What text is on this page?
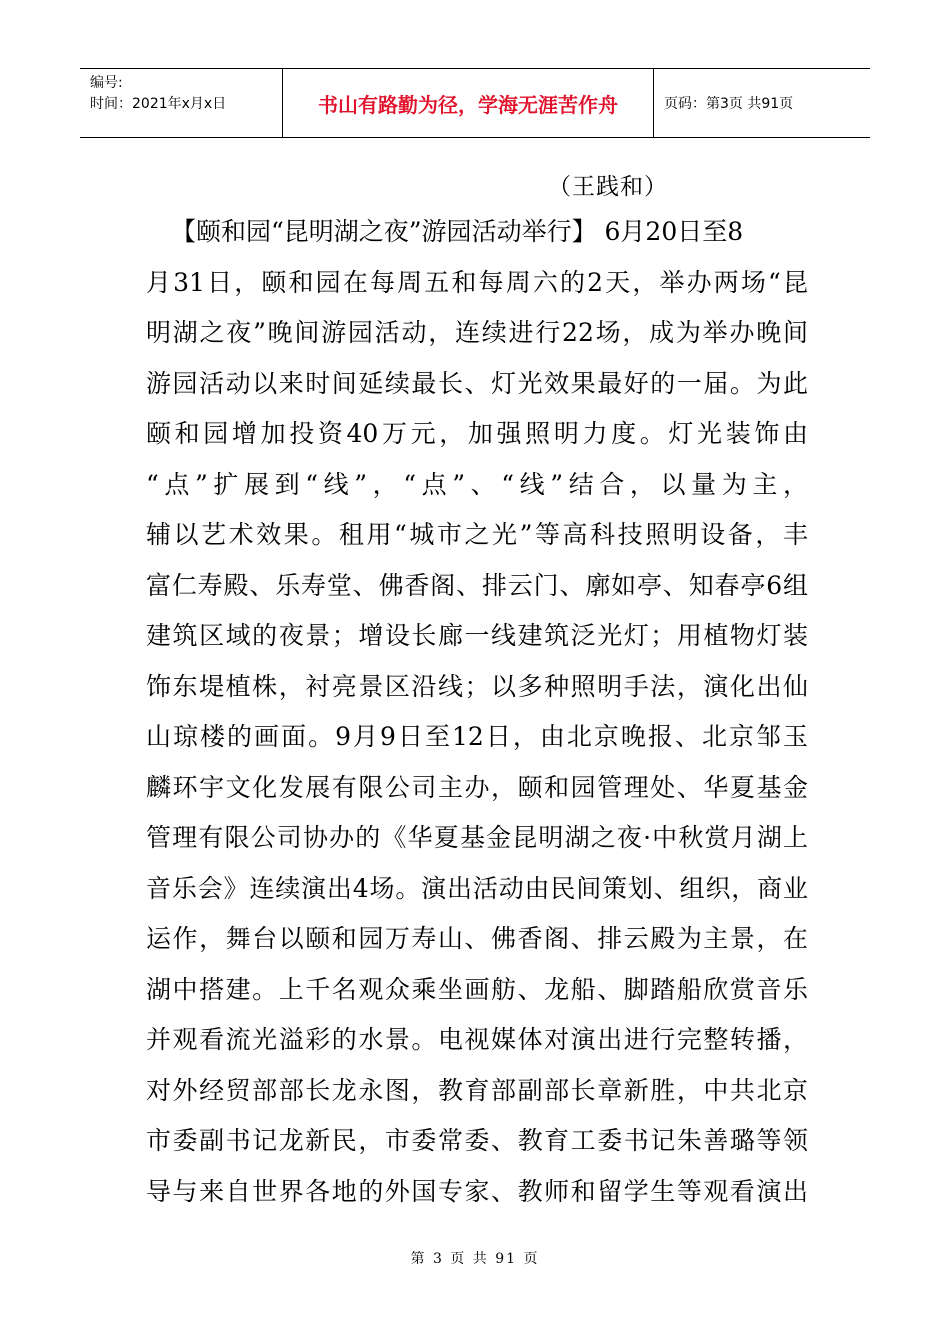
编号:
时间：2021年x月x日	书山有路勤为径，学海无涯苦作舟	页码：第3页 共91页
（王践和）
【颐和园“昆明湖之夜”游园活动举行】 6月20日至8
月31日，颐和园在每周五和每周六的2天，举办两场“昆
明湖之夜”晚间游园活动，连续进行22场，成为举办晚间
游园活动以来时间延续最长、灯光效果最好的一届。为此
颐和园增加投资40万元，加强照明力度。灯光装饰由
“点”扩展到“线”，“点”、“线”结合，以量为主，
辅以艺术效果。租用“城市之光”等高科技照明设备，丰
富仁寿殿、乐寿堂、佛香阁、排云门、廓如亭、知春亭6组
建筑区域的夜景；增设长廊一线建筑泛光灯；用植物灯装
饰东堤植株，衬亮景区沿线；以多种照明手法，演化出仙
山琼楼的画面。9月9日至12日，由北京晚报、北京邹玉
麟环宇文化发展有限公司主办，颐和园管理处、华夏基金
管理有限公司协办的《华夏基金昆明湖之夜·中秋赏月湖上
音乐会》连续演出4场。演出活动由民间策划、组织，商业
运作，舞台以颐和园万寿山、佛香阁、排云殿为主景，在
湖中搭建。上千名观众乘坐画舫、龙船、脚踏船欣赏音乐
并观看流光溢彩的水景。电视媒体对演出进行完整转播，
对外经贸部部长龙永图，教育部副部长章新胜，中共北京
市委副书记龙新民，市委常委、教育工委书记朱善璐等领
导与来自世界各地的外国专家、教师和留学生等观看演出
第 3 页 共 91 页
